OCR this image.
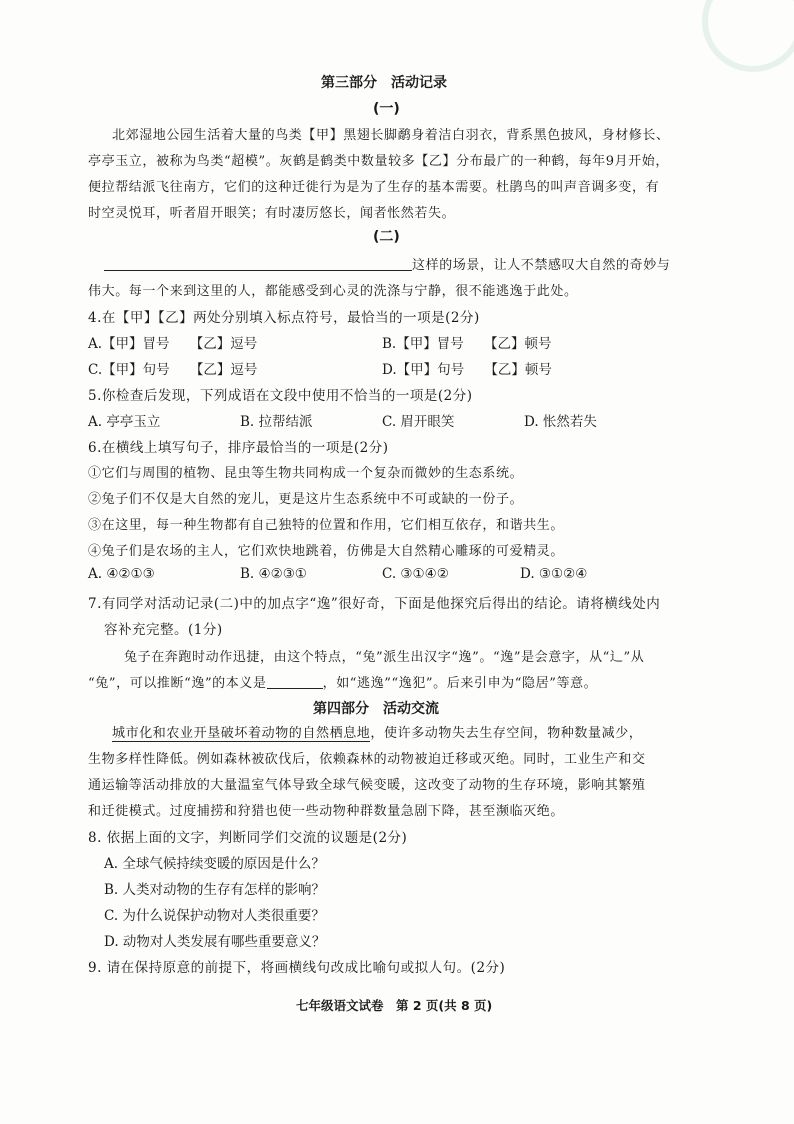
第三部分　活动记录
(一)
北郊湿地公园生活着大量的鸟类【甲】黑翅长脚鹬身着洁白羽衣，背系黑色披风，身材修长、
亭亭玉立，被称为鸟类“超模”。灰鹤是鹤类中数量较多【乙】分布最广的一种鹤，每年9月开始，
便拉帮结派飞往南方，它们的这种迁徙行为是为了生存的基本需要。杜鹃鸟的叫声音调多变，有
时空灵悦耳，听者眉开眼笑；有时凄厉悠长，闻者怅然若失。
(二)
这样的场景，让人不禁感叹大自然的奇妙与
伟大。每一个来到这里的人，都能感受到心灵的洗涤与宁静，很不能逃逸于此处。
4.在【甲】【乙】两处分别填入标点符号，最恰当的一项是(2分)
A.【甲】冒号　　【乙】逗号	B.【甲】冒号　　【乙】顿号
C.【甲】句号　　【乙】逗号	D.【甲】句号　　【乙】顿号
5.你检查后发现，下列成语在文段中使用不恰当的一项是(2分)
A. 亭亭玉立	B. 拉帮结派	C. 眉开眼笑	D. 怅然若失
6.在横线上填写句子，排序最恰当的一项是(2分)
①它们与周围的植物、昆虫等生物共同构成一个复杂而微妙的生态系统。
②兔子们不仅是大自然的宠儿，更是这片生态系统中不可或缺的一份子。
③在这里，每一种生物都有自己独特的位置和作用，它们相互依存，和谐共生。
④兔子们是农场的主人，它们欢快地跳着，仿佛是大自然精心雕琢的可爱精灵。
A. ④②①③	B. ④②③①	C. ③①④②	D. ③①②④
7.有同学对活动记录(二)中的加点字“逸”很好奇，下面是他探究后得出的结论。请将横线处内
容补充完整。(1分)
兔子在奔跑时动作迅捷，由这个特点，“兔”派生出汉字“逸”。“逸”是会意字，从“辶”从
“兔”，可以推断“逸”的本义是	，如“逃逸”“逸犯”。后来引申为“隐居”等意。
第四部分　活动交流
城市化和农业开垦破坏着动物的自然栖息地，使许多动物失去生存空间，物种数量减少，
生物多样性降低。例如森林被砍伐后，依赖森林的动物被迫迁移或灭绝。同时，工业生产和交
通运输等活动排放的大量温室气体导致全球气候变暖，这改变了动物的生存环境，影响其繁殖
和迁徙模式。过度捕捞和狩猎也使一些动物种群数量急剧下降，甚至濒临灭绝。
8. 依据上面的文字，判断同学们交流的议题是(2分)
A. 全球气候持续变暖的原因是什么？
B. 人类对动物的生存有怎样的影响？
C. 为什么说保护动物对人类很重要？
D. 动物对人类发展有哪些重要意义？
9. 请在保持原意的前提下，将画横线句改成比喻句或拟人句。(2分)
七年级语文试卷　第 2 页(共 8 页)
